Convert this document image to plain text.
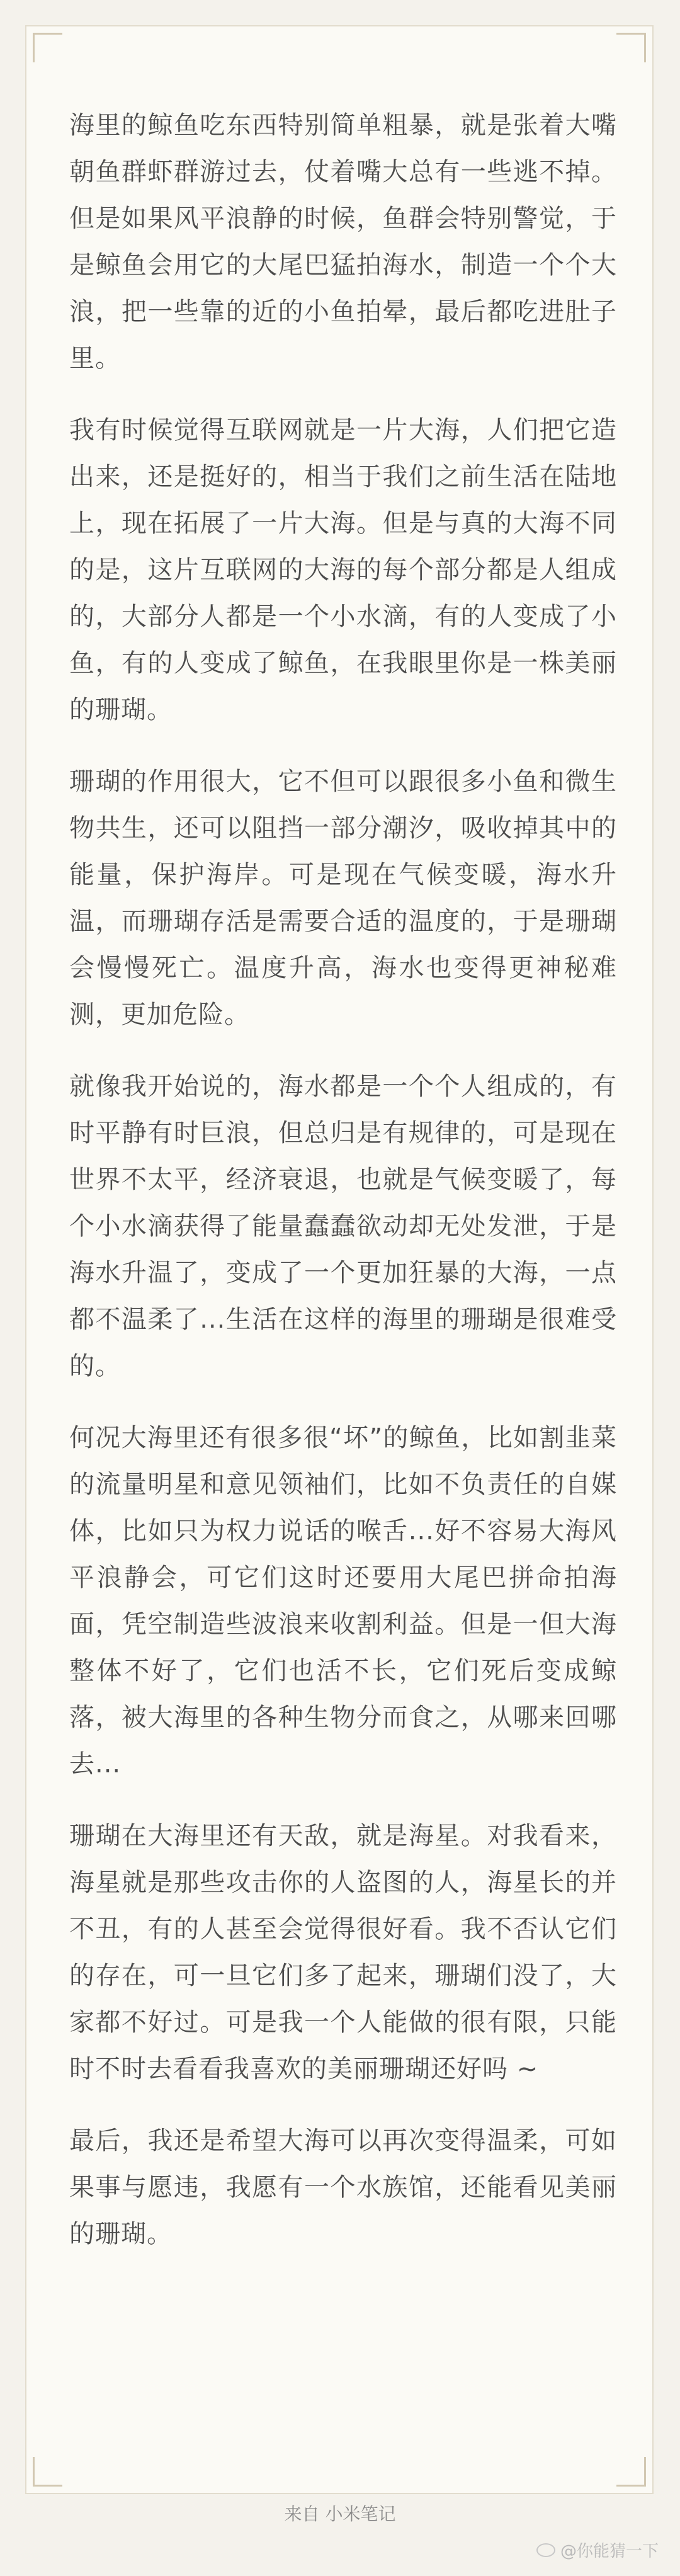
海里的鲸鱼吃东西特别简单粗暴，就是张着大嘴朝鱼群虾群游过去，仗着嘴大总有一些逃不掉。但是如果风平浪静的时候，鱼群会特别警觉，于是鲸鱼会用它的大尾巴猛拍海水，制造一个个大浪，把一些靠的近的小鱼拍晕，最后都吃进肚子里。

我有时候觉得互联网就是一片大海，人们把它造出来，还是挺好的，相当于我们之前生活在陆地上，现在拓展了一片大海。但是与真的大海不同的是，这片互联网的大海的每个部分都是人组成的，大部分人都是一个小水滴，有的人变成了小鱼，有的人变成了鲸鱼，在我眼里你是一株美丽的珊瑚。

珊瑚的作用很大，它不但可以跟很多小鱼和微生物共生，还可以阻挡一部分潮汐，吸收掉其中的能量，保护海岸。可是现在气候变暖，海水升温，而珊瑚存活是需要合适的温度的，于是珊瑚会慢慢死亡。温度升高，海水也变得更神秘难测，更加危险。

就像我开始说的，海水都是一个个人组成的，有时平静有时巨浪，但总归是有规律的，可是现在世界不太平，经济衰退，也就是气候变暖了，每个小水滴获得了能量蠢蠢欲动却无处发泄，于是海水升温了，变成了一个更加狂暴的大海，一点都不温柔了...生活在这样的海里的珊瑚是很难受的。

何况大海里还有很多很“坏”的鲸鱼，比如割韭菜的流量明星和意见领袖们，比如不负责任的自媒体，比如只为权力说话的喉舌...好不容易大海风平浪静会，可它们这时还要用大尾巴拼命拍海面，凭空制造些波浪来收割利益。但是一但大海整体不好了，它们也活不长，它们死后变成鲸落，被大海里的各种生物分而食之，从哪来回哪去...

珊瑚在大海里还有天敌，就是海星。对我看来，海星就是那些攻击你的人盗图的人，海星长的并不丑，有的人甚至会觉得很好看。我不否认它们的存在，可一旦它们多了起来，珊瑚们没了，大家都不好过。可是我一个人能做的很有限，只能时不时去看看我喜欢的美丽珊瑚还好吗 ~

最后，我还是希望大海可以再次变得温柔，可如果事与愿违，我愿有一个水族馆，还能看见美丽的珊瑚。

来自 小米笔记
@你能猜一下
